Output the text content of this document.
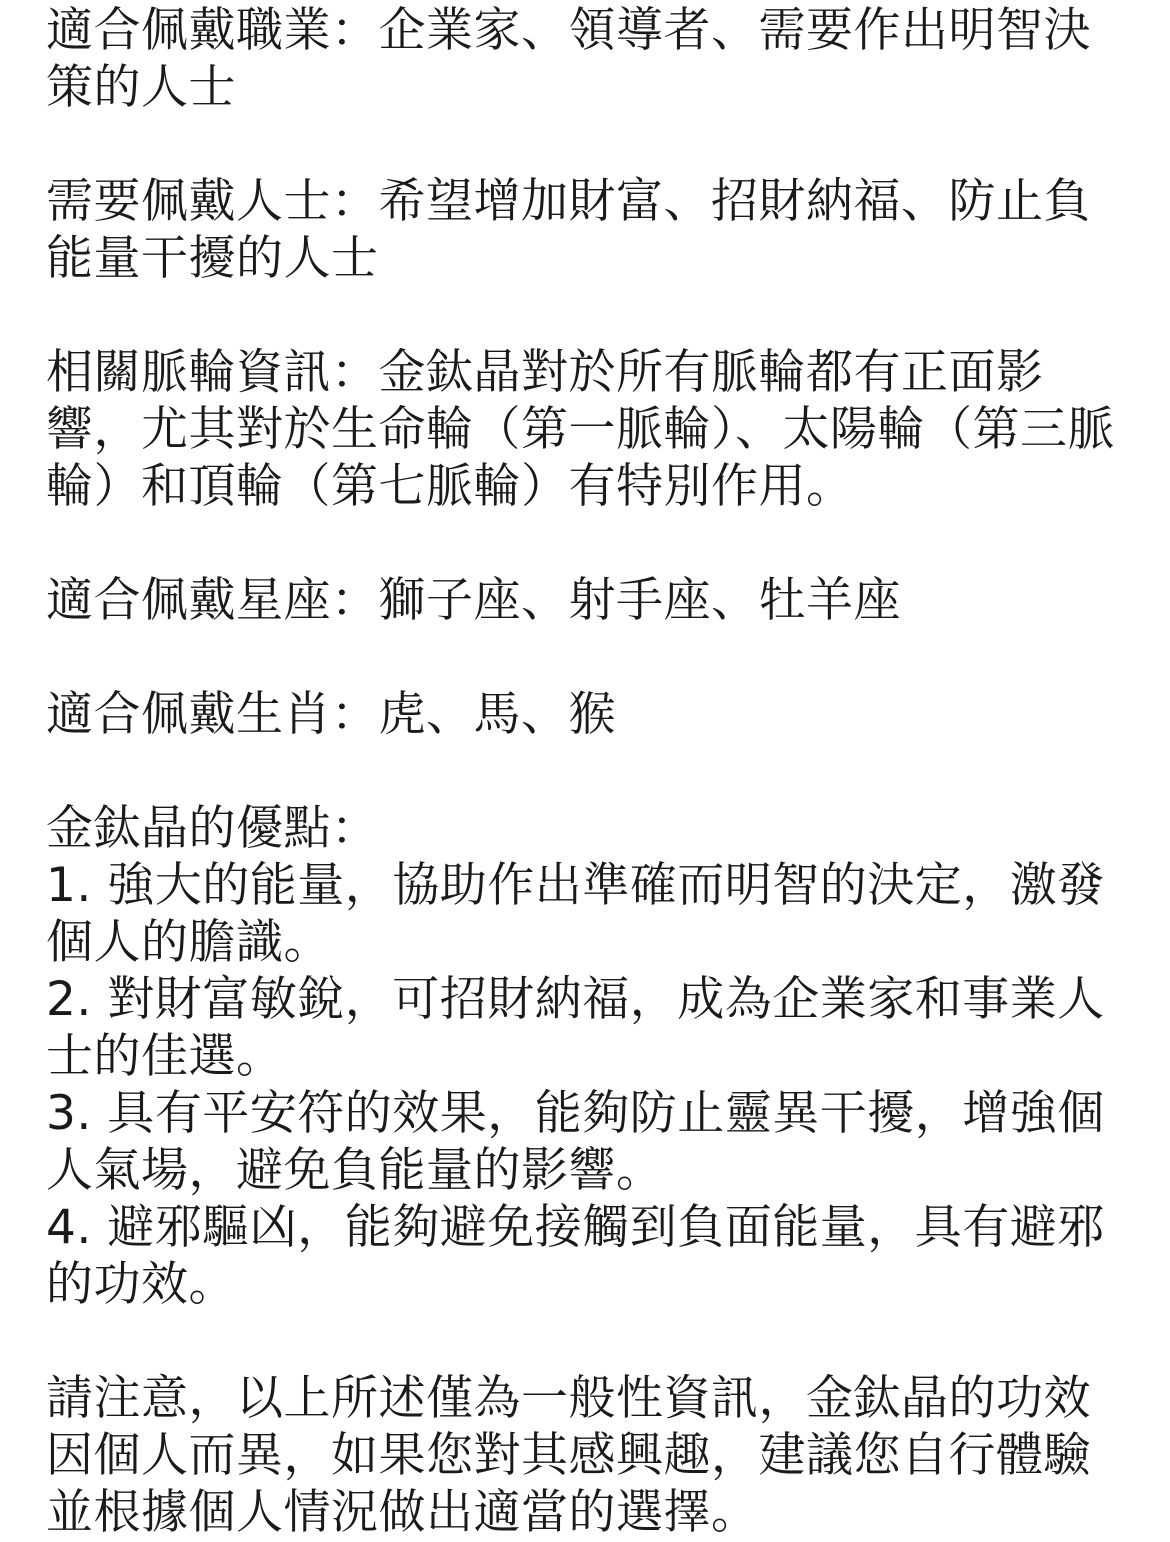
適合佩戴職業：企業家、領導者、需要作出明智決策的人士

需要佩戴人士：希望增加財富、招財納福、防止負能量干擾的人士

相關脈輪資訊：金鈦晶對於所有脈輪都有正面影響，尤其對於生命輪（第一脈輪）、太陽輪（第三脈輪）和頂輪（第七脈輪）有特別作用。

適合佩戴星座：獅子座、射手座、牡羊座

適合佩戴生肖：虎、馬、猴

金鈦晶的優點：

1. 強大的能量，協助作出準確而明智的決定，激發個人的膽識。

2. 對財富敏銳，可招財納福，成為企業家和事業人士的佳選。

3. 具有平安符的效果，能夠防止靈異干擾，增強個人氣場，避免負能量的影響。

4. 避邪驅凶，能夠避免接觸到負面能量，具有避邪的功效。

請注意，以上所述僅為一般性資訊，金鈦晶的功效因個人而異，如果您對其感興趣，建議您自行體驗並根據個人情況做出適當的選擇。
